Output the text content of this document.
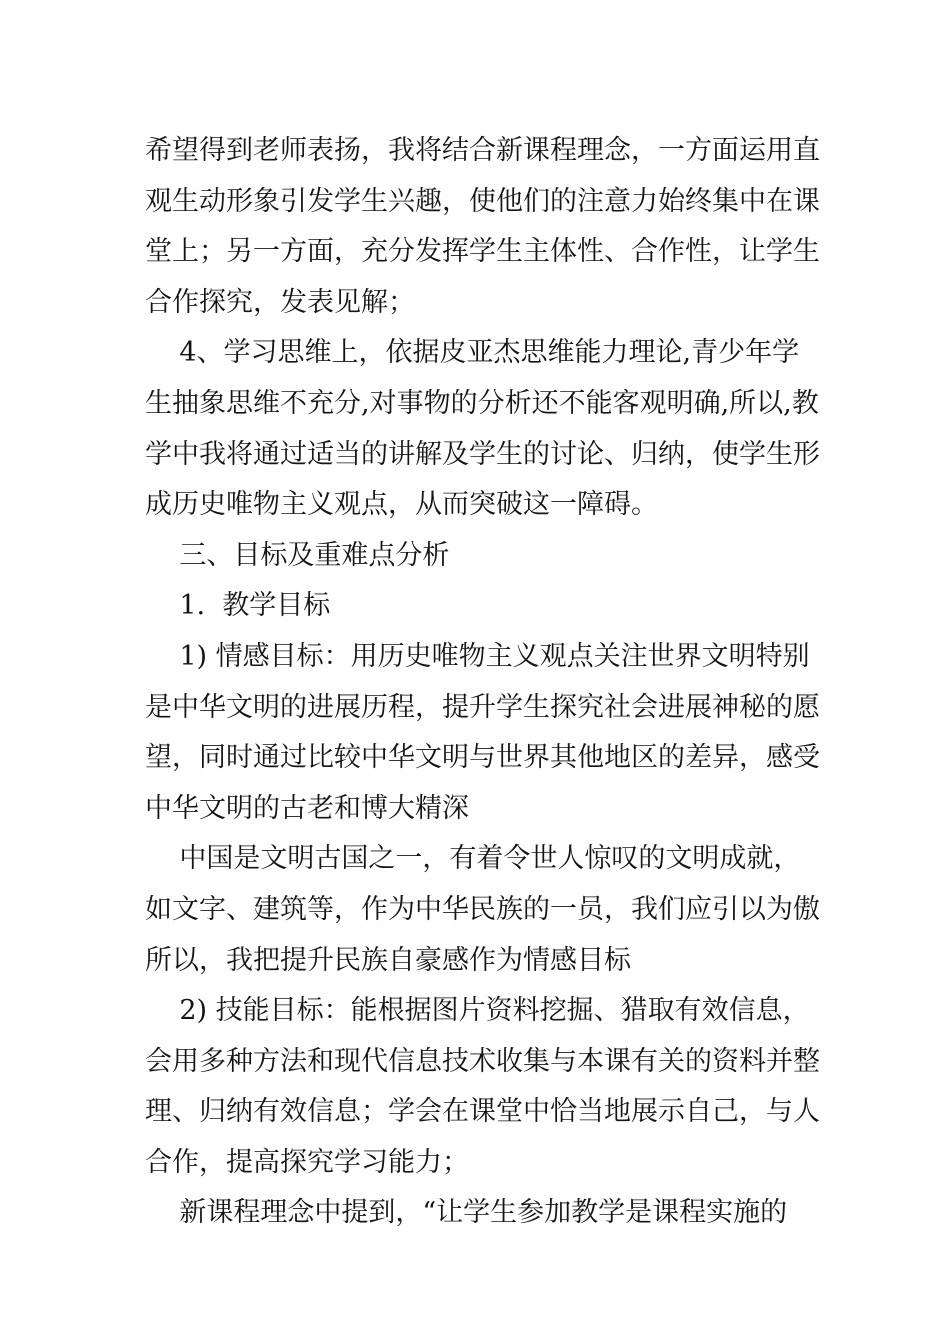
希望得到老师表扬，我将结合新课程理念，一方面运用直
观生动形象引发学生兴趣，使他们的注意力始终集中在课
堂上；另一方面，充分发挥学生主体性、合作性，让学生
合作探究，发表见解；
4、学习思维上，依据皮亚杰思维能力理论,青少年学
生抽象思维不充分,对事物的分析还不能客观明确,所以,教
学中我将通过适当的讲解及学生的讨论、归纳，使学生形
成历史唯物主义观点，从而突破这一障碍。
三、目标及重难点分析
1.  教学目标
1) 情感目标：用历史唯物主义观点关注世界文明特别
是中华文明的进展历程，提升学生探究社会进展神秘的愿
望，同时通过比较中华文明与世界其他地区的差异，感受
中华文明的古老和博大精深
中国是文明古国之一，有着令世人惊叹的文明成就，
如文字、建筑等，作为中华民族的一员，我们应引以为傲
所以，我把提升民族自豪感作为情感目标
2) 技能目标：能根据图片资料挖掘、猎取有效信息，
会用多种方法和现代信息技术收集与本课有关的资料并整
理、归纳有效信息；学会在课堂中恰当地展示自己，与人
合作，提高探究学习能力；
新课程理念中提到，“让学生参加教学是课程实施的
